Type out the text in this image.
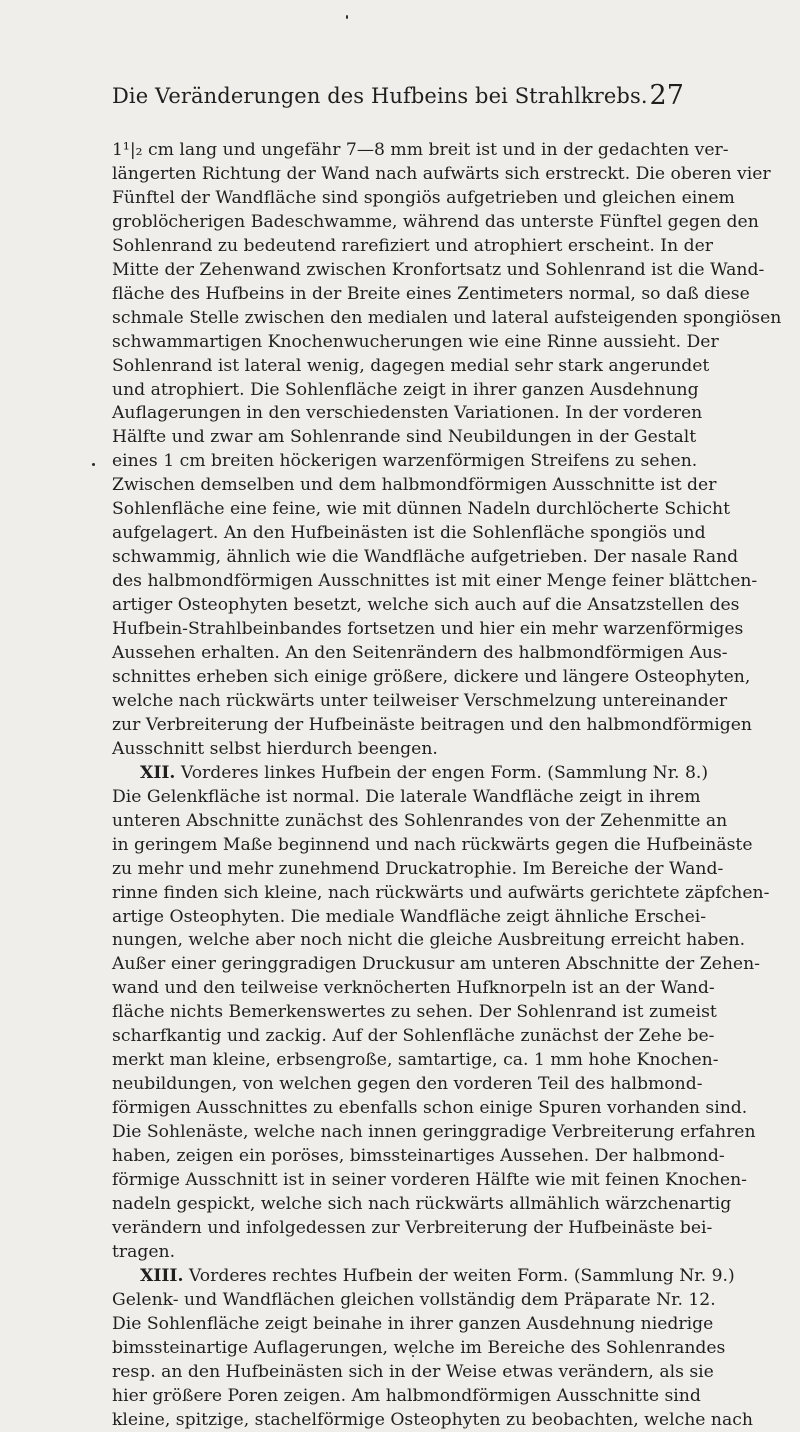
Die Veränderungen des Hufbeins bei Strahlkrebs. 27
1¹|₂ cm lang und ungefähr 7—8 mm breit ist und in der gedachten ver-
längerten Richtung der Wand nach aufwärts sich erstreckt. Die oberen vier
Fünftel der Wandfläche sind spongiös aufgetrieben und gleichen einem
groblöcherigen Badeschwamme, während das unterste Fünftel gegen den
Sohlenrand zu bedeutend rarefiziert und atrophiert erscheint. In der
Mitte der Zehenwand zwischen Kronfortsatz und Sohlenrand ist die Wand-
fläche des Hufbeins in der Breite eines Zentimeters normal, so daß diese
schmale Stelle zwischen den medialen und lateral aufsteigenden spongiösen
schwammartigen Knochenwucherungen wie eine Rinne aussieht. Der
Sohlenrand ist lateral wenig, dagegen medial sehr stark angerundet
und atrophiert. Die Sohlenfläche zeigt in ihrer ganzen Ausdehnung
Auflagerungen in den verschiedensten Variationen. In der vorderen
Hälfte und zwar am Sohlenrande sind Neubildungen in der Gestalt
eines 1 cm breiten höckerigen warzenförmigen Streifens zu sehen.
Zwischen demselben und dem halbmondförmigen Ausschnitte ist der
Sohlenfläche eine feine, wie mit dünnen Nadeln durchlöcherte Schicht
aufgelagert. An den Hufbeinästen ist die Sohlenfläche spongiös und
schwammig, ähnlich wie die Wandfläche aufgetrieben. Der nasale Rand
des halbmondförmigen Ausschnittes ist mit einer Menge feiner blättchen-
artiger Osteophyten besetzt, welche sich auch auf die Ansatzstellen des
Hufbein-Strahlbeinbandes fortsetzen und hier ein mehr warzenförmiges
Aussehen erhalten. An den Seitenrändern des halbmondförmigen Aus-
schnittes erheben sich einige größere, dickere und längere Osteophyten,
welche nach rückwärts unter teilweiser Verschmelzung untereinander
zur Verbreiterung der Hufbeinäste beitragen und den halbmondförmigen
Ausschnitt selbst hierdurch beengen.
XII. Vorderes linkes Hufbein der engen Form. (Sammlung Nr. 8.)
Die Gelenkfläche ist normal. Die laterale Wandfläche zeigt in ihrem
unteren Abschnitte zunächst des Sohlenrandes von der Zehenmitte an
in geringem Maße beginnend und nach rückwärts gegen die Hufbeinäste
zu mehr und mehr zunehmend Druckatrophie. Im Bereiche der Wand-
rinne finden sich kleine, nach rückwärts und aufwärts gerichtete zäpfchen-
artige Osteophyten. Die mediale Wandfläche zeigt ähnliche Erschei-
nungen, welche aber noch nicht die gleiche Ausbreitung erreicht haben.
Außer einer geringgradigen Druckusur am unteren Abschnitte der Zehen-
wand und den teilweise verknöcherten Hufknorpeln ist an der Wand-
fläche nichts Bemerkenswertes zu sehen. Der Sohlenrand ist zumeist
scharfkantig und zackig. Auf der Sohlenfläche zunächst der Zehe be-
merkt man kleine, erbsengroße, samtartige, ca. 1 mm hohe Knochen-
neubildungen, von welchen gegen den vorderen Teil des halbmond-
förmigen Ausschnittes zu ebenfalls schon einige Spuren vorhanden sind.
Die Sohlenäste, welche nach innen geringgradige Verbreiterung erfahren
haben, zeigen ein poröses, bimssteinartiges Aussehen. Der halbmond-
förmige Ausschnitt ist in seiner vorderen Hälfte wie mit feinen Knochen-
nadeln gespickt, welche sich nach rückwärts allmählich wärzchenartig
verändern und infolgedessen zur Verbreiterung der Hufbeinäste bei-
tragen.
XIII. Vorderes rechtes Hufbein der weiten Form. (Sammlung Nr. 9.)
Gelenk- und Wandflächen gleichen vollständig dem Präparate Nr. 12.
Die Sohlenfläche zeigt beinahe in ihrer ganzen Ausdehnung niedrige
bimssteinartige Auflagerungen, welche im Bereiche des Sohlenrandes
resp. an den Hufbeinästen sich in der Weise etwas verändern, als sie
hier größere Poren zeigen. Am halbmondförmigen Ausschnitte sind
kleine, spitzige, stachelförmige Osteophyten zu beobachten, welche nach
